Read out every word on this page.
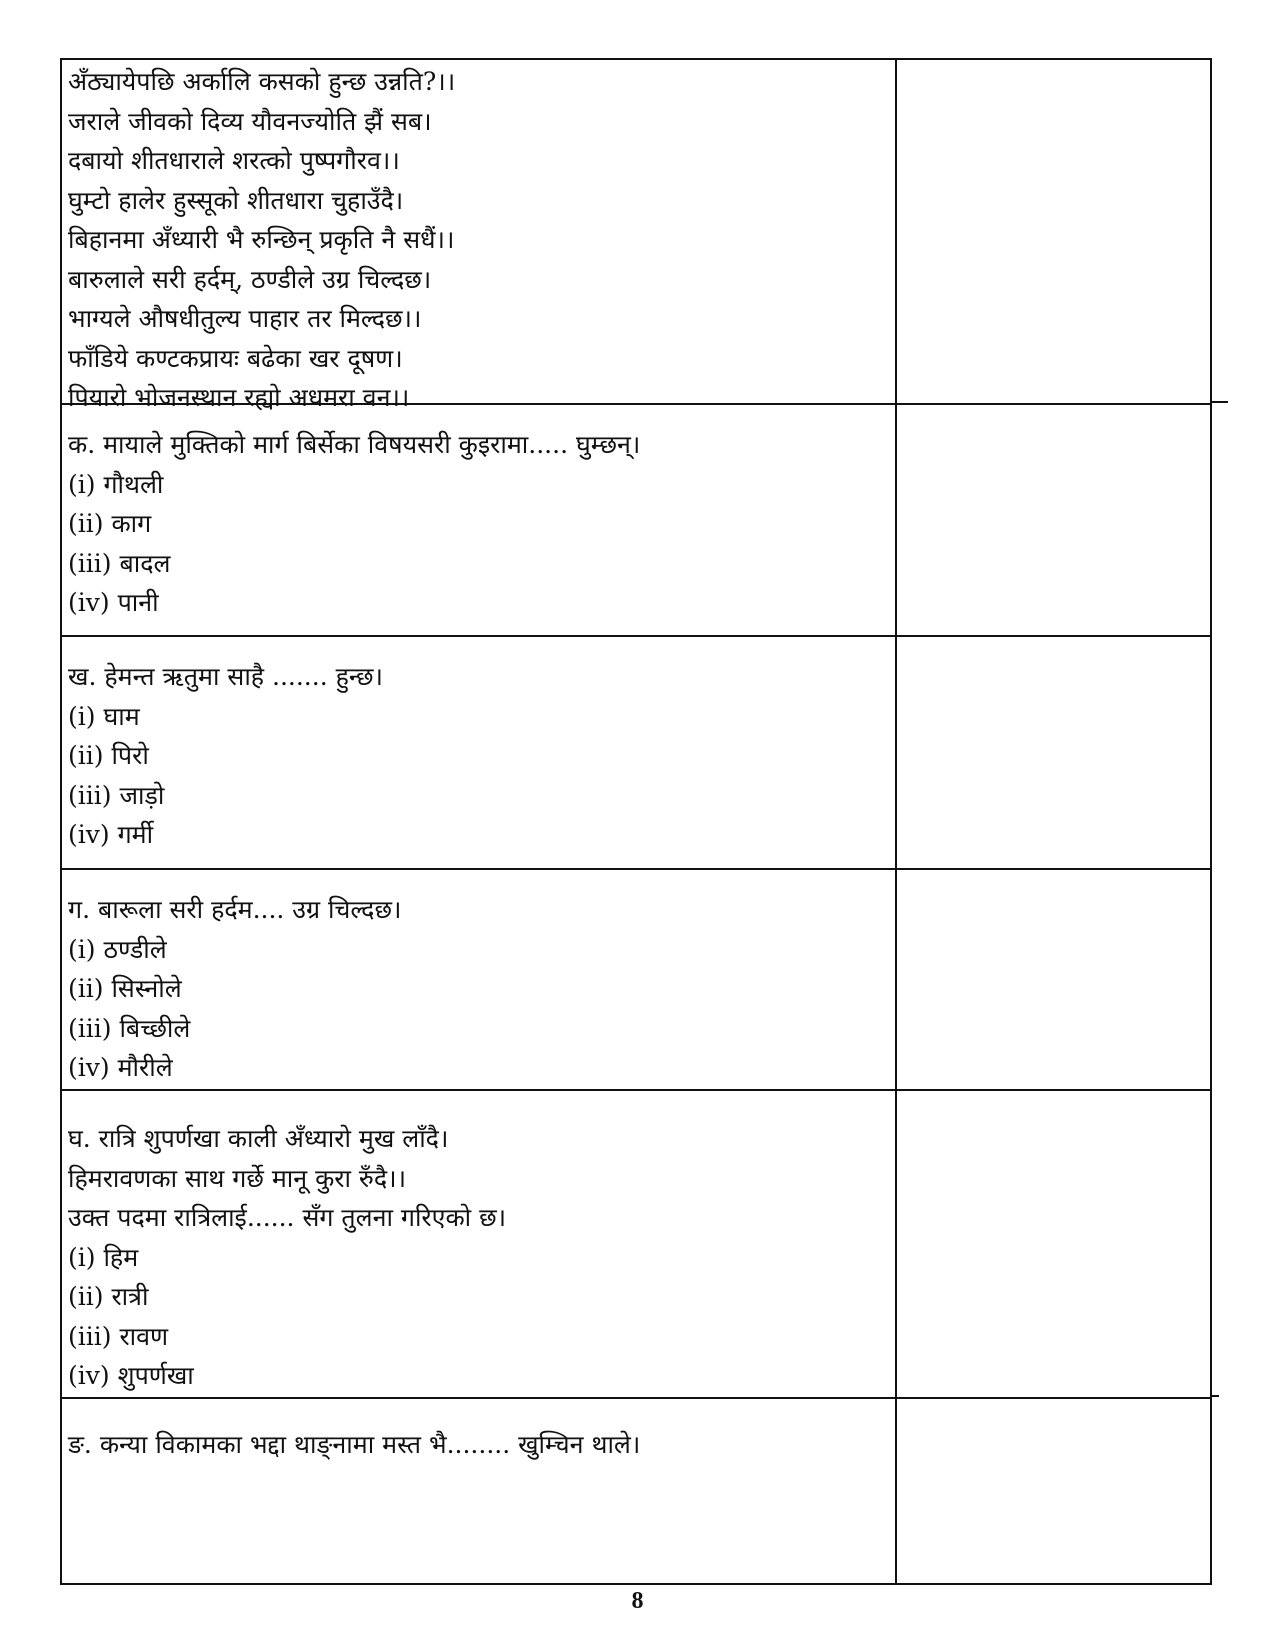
अँठ्यायेपछि अर्कालि कसको हुन्छ उन्नति?।।
जराले जीवको दिव्य यौवनज्योति झैं सब।
दबायो शीतधाराले शरत्को पुष्पगौरव।।
घुम्टो हालेर हुस्सूको शीतधारा चुहाउँदै।
बिहानमा अँध्यारी भै रुन्छिन् प्रकृति नै सधैं।।
बारुलाले सरी हर्दम्, ठण्डीले उग्र चिल्दछ।
भाग्यले औषधीतुल्य पाहार तर मिल्दछ।।
फाँडिये कण्टकप्रायः बढेका खर दूषण।
पियारो भोजनस्थान रह्यो अधमरा वन।।
क. मायाले मुक्तिको मार्ग बिर्सेका विषयसरी कुइरामा..... घुम्छन्।
(i) गौथली
(ii) काग
(iii) बादल
(iv) पानी
ख. हेमन्त ऋतुमा साहै ....... हुन्छ।
(i) घाम
(ii) पिरो
(iii) जाड़ो
(iv) गर्मी
ग. बारूला सरी हर्दम.... उग्र चिल्दछ।
(i) ठण्डीले
(ii) सिस्नोले
(iii) बिच्छीले
(iv) मौरीले
घ. रात्रि शुपर्णखा काली अँध्यारो मुख लाँदै।
हिमरावणका साथ गर्छे मानू कुरा रुँदै।।
उक्त पदमा रात्रिलाई...... सँग तुलना गरिएको छ।
(i) हिम
(ii) रात्री
(iii) रावण
(iv) शुपर्णखा
ङ. कन्या विकामका भद्दा थाङ्नामा मस्त भै........ खुम्चिन थाले।
8
